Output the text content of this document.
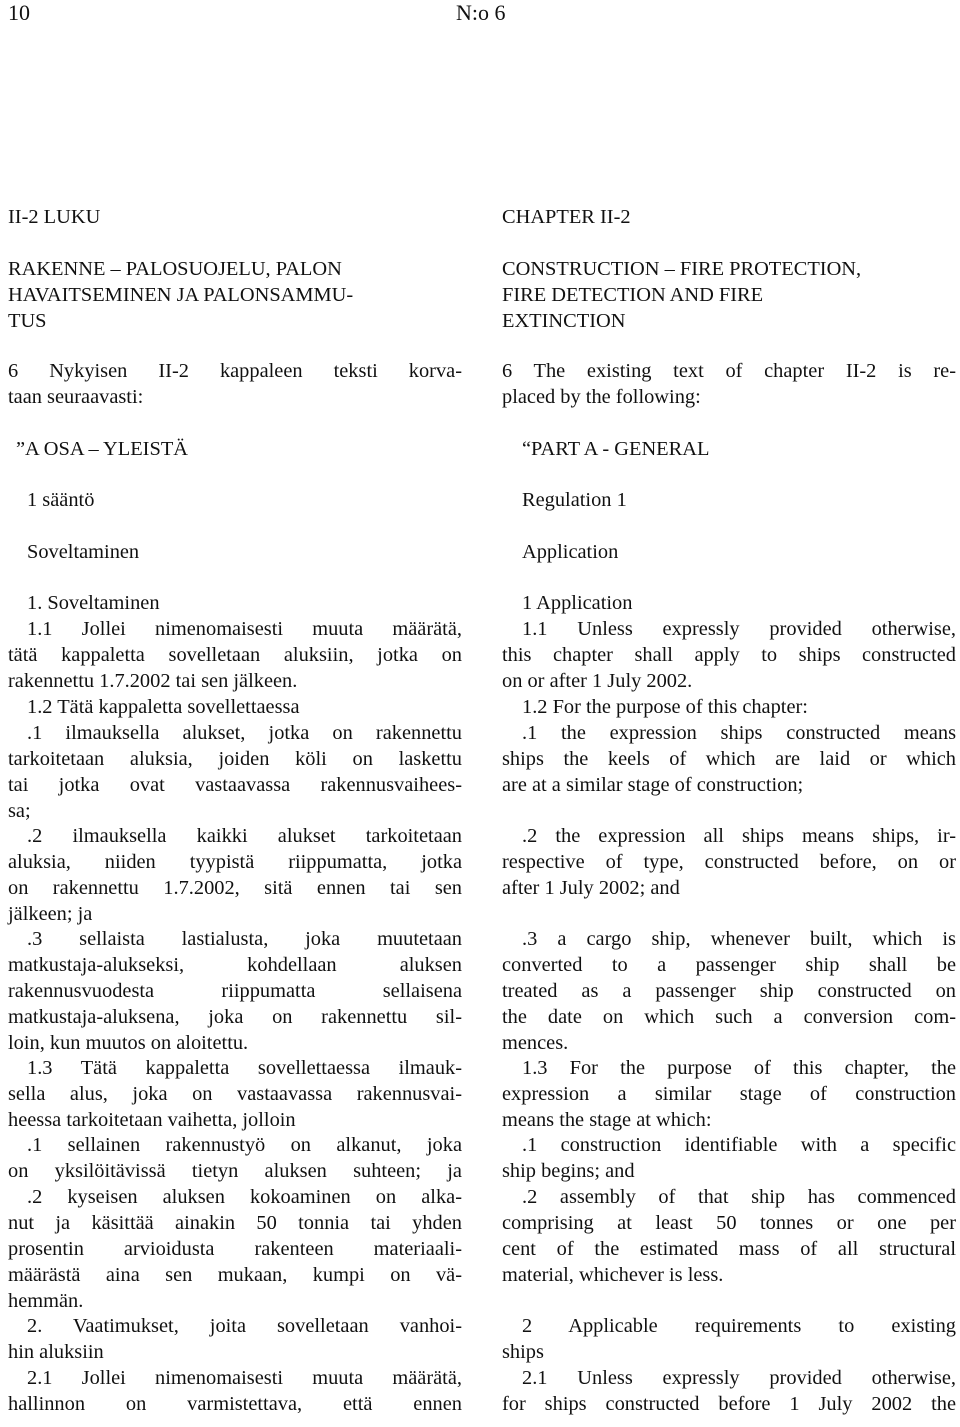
10	N:o 6
II-2 LUKU
RAKENNE – PALOSUOJELU, PALON
HAVAITSEMINEN JA PALONSAMMU-
TUS
6 Nykyisen II-2 kappaleen teksti korva-
taan seuraavasti:
”A OSA – YLEISTÄ
1 sääntö
Soveltaminen
1. Soveltaminen
1.1 Jollei nimenomaisesti muuta määrätä,
tätä kappaletta sovelletaan aluksiin, jotka on
rakennettu 1.7.2002 tai sen jälkeen.
1.2 Tätä kappaletta sovellettaessa
.1 ilmauksella alukset, jotka on rakennettu
tarkoitetaan aluksia, joiden köli on laskettu
tai jotka ovat vastaavassa rakennusvaihees-
sa;
.2 ilmauksella kaikki alukset tarkoitetaan
aluksia, niiden tyypistä riippumatta, jotka
on rakennettu 1.7.2002, sitä ennen tai sen
jälkeen; ja
.3 sellaista lastialusta, joka muutetaan
matkustaja-alukseksi, kohdellaan aluksen
rakennusvuodesta riippumatta sellaisena
matkustaja-aluksena, joka on rakennettu sil-
loin, kun muutos on aloitettu.
1.3 Tätä kappaletta sovellettaessa ilmauk-
sella alus, joka on vastaavassa rakennusvai-
heessa tarkoitetaan vaihetta, jolloin
.1 sellainen rakennustyö on alkanut, joka
on yksilöitävissä tietyn aluksen suhteen; ja
.2 kyseisen aluksen kokoaminen on alka-
nut ja käsittää ainakin 50 tonnia tai yhden
prosentin arvioidusta rakenteen materiaali-
määrästä aina sen mukaan, kumpi on vä-
hemmän.
2. Vaatimukset, joita sovelletaan vanhoi-
hin aluksiin
2.1 Jollei nimenomaisesti muuta määrätä,
hallinnon on varmistettava, että ennen
CHAPTER II-2
CONSTRUCTION – FIRE PROTECTION,
FIRE DETECTION AND FIRE
EXTINCTION
6 The existing text of chapter II-2 is re-
placed by the following:
“PART A - GENERAL
Regulation 1
Application
1 Application
1.1 Unless expressly provided otherwise,
this chapter shall apply to ships constructed
on or after 1 July 2002.
1.2 For the purpose of this chapter:
.1 the expression ships constructed means
ships the keels of which are laid or which
are at a similar stage of construction;
.2 the expression all ships means ships, ir-
respective of type, constructed before, on or
after 1 July 2002; and
.3 a cargo ship, whenever built, which is
converted to a passenger ship shall be
treated as a passenger ship constructed on
the date on which such a conversion com-
mences.
1.3 For the purpose of this chapter, the
expression a similar stage of construction
means the stage at which:
.1 construction identifiable with a specific
ship begins; and
.2 assembly of that ship has commenced
comprising at least 50 tonnes or one per
cent of the estimated mass of all structural
material, whichever is less.
2 Applicable requirements to existing
ships
2.1 Unless expressly provided otherwise,
for ships constructed before 1 July 2002 the
